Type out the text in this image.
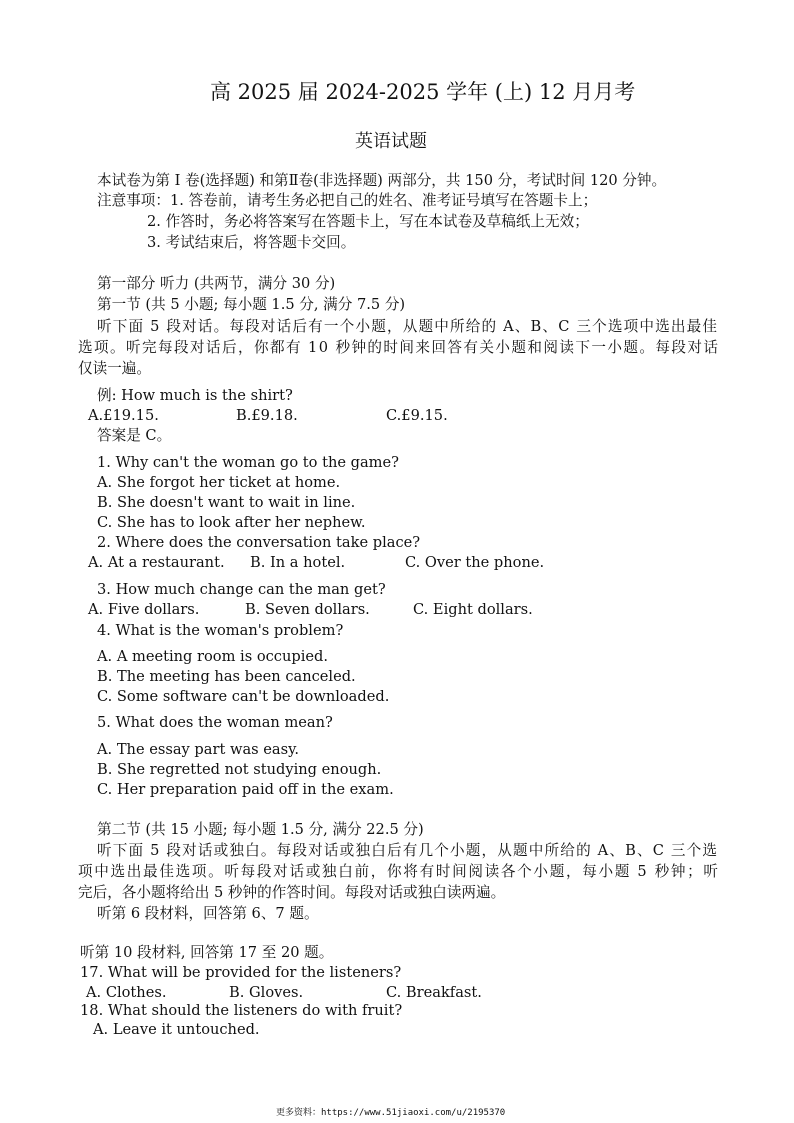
高 2025 届 2024-2025 学年 (上) 12 月月考
英语试题
本试卷为第 I 卷(选择题) 和第Ⅱ卷(非选择题) 两部分，共 150 分，考试时间 120 分钟。
注意事项：1. 答卷前，请考生务必把自己的姓名、准考证号填写在答题卡上；
2. 作答时，务必将答案写在答题卡上，写在本试卷及草稿纸上无效；
3. 考试结束后，将答题卡交回。
第一部分 听力 (共两节，满分 30 分)
第一节 (共 5 小题; 每小题 1.5 分, 满分 7.5 分)
听下面 5 段对话。每段对话后有一个小题，从题中所给的 A、B、C 三个选项中选出最佳
选项。听完每段对话后，你都有 10 秒钟的时间来回答有关小题和阅读下一小题。每段对话
仅读一遍。
例: How much is the shirt?
A.£19.15.	B.£9.18.	C.£9.15.
答案是 C。
1. Why can't the woman go to the game?
A. She forgot her ticket at home.
B. She doesn't want to wait in line.
C. She has to look after her nephew.
2. Where does the conversation take place?
A. At a restaurant. B. In a hotel.	C. Over the phone.
3. How much change can the man get?
A. Five dollars.	B. Seven dollars.	C. Eight dollars.
4. What is the woman's problem?
A. A meeting room is occupied.
B. The meeting has been canceled.
C. Some software can't be downloaded.
5. What does the woman mean?
A. The essay part was easy.
B. She regretted not studying enough.
C. Her preparation paid off in the exam.
第二节 (共 15 小题; 每小题 1.5 分, 满分 22.5 分)
听下面 5 段对话或独白。每段对话或独白后有几个小题，从题中所给的 A、B、C 三个选
项中选出最佳选项。听每段对话或独白前，你将有时间阅读各个小题，每小题 5 秒钟；听
完后，各小题将给出 5 秒钟的作答时间。每段对话或独白读两遍。
听第 6 段材料，回答第 6、7 题。
听第 10 段材料, 回答第 17 至 20 题。
17. What will be provided for the listeners?
A. Clothes.	B. Gloves.	C. Breakfast.
18. What should the listeners do with fruit?
A. Leave it untouched.
更多资料：https://www.51jiaoxi.com/u/2195370
